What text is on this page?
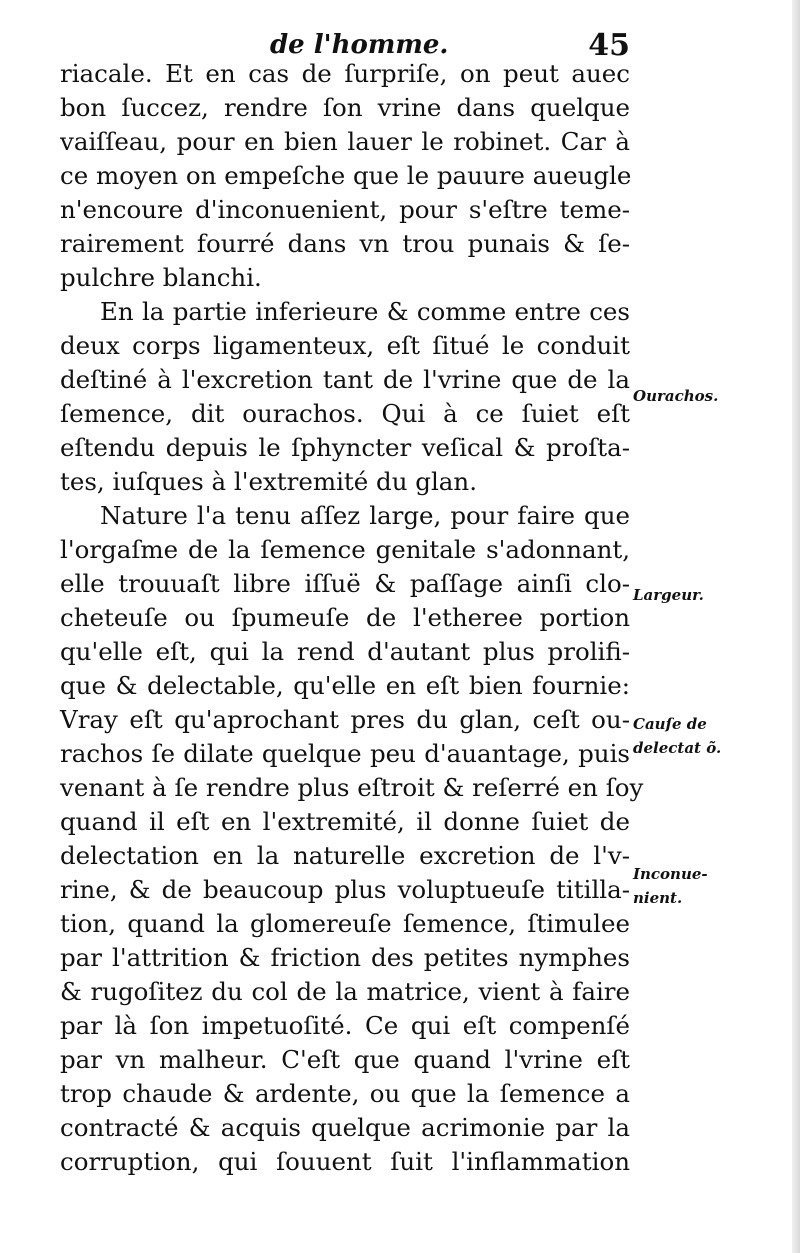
de l'homme.	45
riacale. Et en cas de ſurpriſe, on peut auec
bon ſuccez, rendre ſon vrine dans quelque
vaiſſeau, pour en bien lauer le robinet. Car à
ce moyen on empeſche que le pauure aueugle
n'encoure d'inconuenient, pour s'eſtre teme-
rairement fourré dans vn trou punais & ſe-
pulchre blanchi.
En la partie inferieure & comme entre ces
deux corps ligamenteux, eſt ſitué le conduit
deſtiné à l'excretion tant de l'vrine que de la
ſemence, dit ourachos. Qui à ce ſuiet eſt
eſtendu depuis le ſphyncter veſical & proſta-
tes, iuſques à l'extremité du glan.
Nature l'a tenu aſſez large, pour faire que
l'orgaſme de la ſemence genitale s'adonnant,
elle trouuaſt libre iſſuë & paſſage ainſi clo-
cheteuſe ou ſpumeuſe de l'etheree portion
qu'elle eſt, qui la rend d'autant plus prolifi-
que & delectable, qu'elle en eſt bien fournie:
Vray eſt qu'aprochant pres du glan, ceſt ou-
rachos ſe dilate quelque peu d'auantage, puis
venant à ſe rendre plus eſtroit & reſerré en ſoy
quand il eſt en l'extremité, il donne ſuiet de
delectation en la naturelle excretion de l'v-
rine, & de beaucoup plus voluptueuſe titilla-
tion, quand la glomereuſe ſemence, ſtimulee
par l'attrition & friction des petites nymphes
& rugoſitez du col de la matrice, vient à faire
par là ſon impetuoſité. Ce qui eſt compenſé
par vn malheur. C'eſt que quand l'vrine eſt
trop chaude & ardente, ou que la ſemence a
contracté & acquis quelque acrimonie par la
corruption, qui ſouuent ſuit l'inflammation
Ourachos.
Largeur.
Cauſe de
delectat õ.
Inconue-
nient.
